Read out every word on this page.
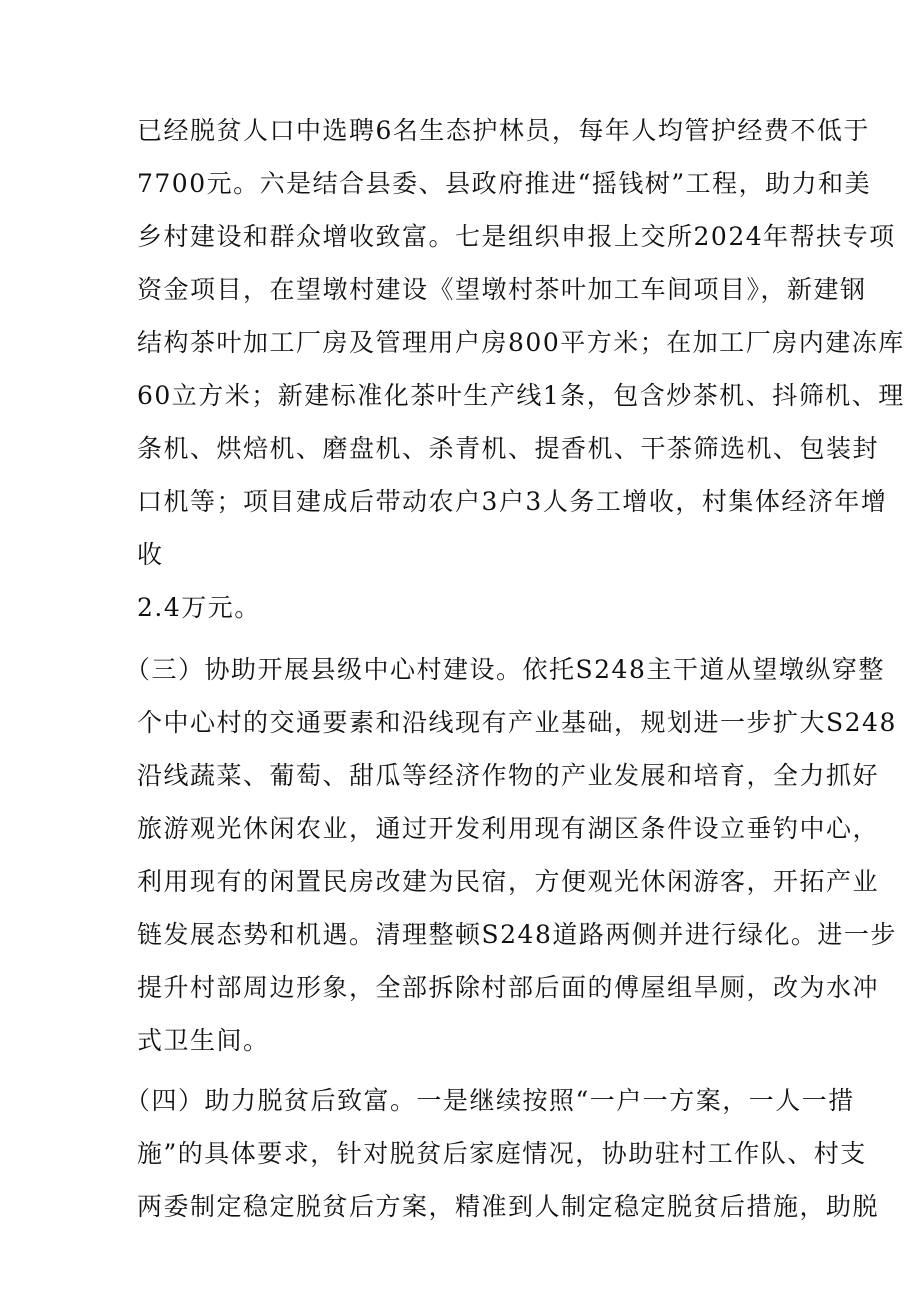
已经脱贫人口中选聘6名生态护林员，每年人均管护经费不低于
7700元。六是结合县委、县政府推进“摇钱树”工程，助力和美
乡村建设和群众增收致富。七是组织申报上交所2024年帮扶专项
资金项目，在望墩村建设《望墩村茶叶加工车间项目》，新建钢
结构茶叶加工厂房及管理用户房800平方米；在加工厂房内建冻库
60立方米；新建标准化茶叶生产线1条，包含炒茶机、抖筛机、理
条机、烘焙机、磨盘机、杀青机、提香机、干茶筛选机、包装封
口机等；项目建成后带动农户3户3人务工增收，村集体经济年增
收
2.4万元。
（三）协助开展县级中心村建设。依托S248主干道从望墩纵穿整
个中心村的交通要素和沿线现有产业基础，规划进一步扩大S248
沿线蔬菜、葡萄、甜瓜等经济作物的产业发展和培育，全力抓好
旅游观光休闲农业，通过开发利用现有湖区条件设立垂钓中心，
利用现有的闲置民房改建为民宿，方便观光休闲游客，开拓产业
链发展态势和机遇。清理整顿S248道路两侧并进行绿化。进一步
提升村部周边形象，全部拆除村部后面的傅屋组旱厕，改为水冲
式卫生间。
（四）助力脱贫后致富。一是继续按照“一户一方案，一人一措
施”的具体要求，针对脱贫后家庭情况，协助驻村工作队、村支
两委制定稳定脱贫后方案，精准到人制定稳定脱贫后措施，助脱
